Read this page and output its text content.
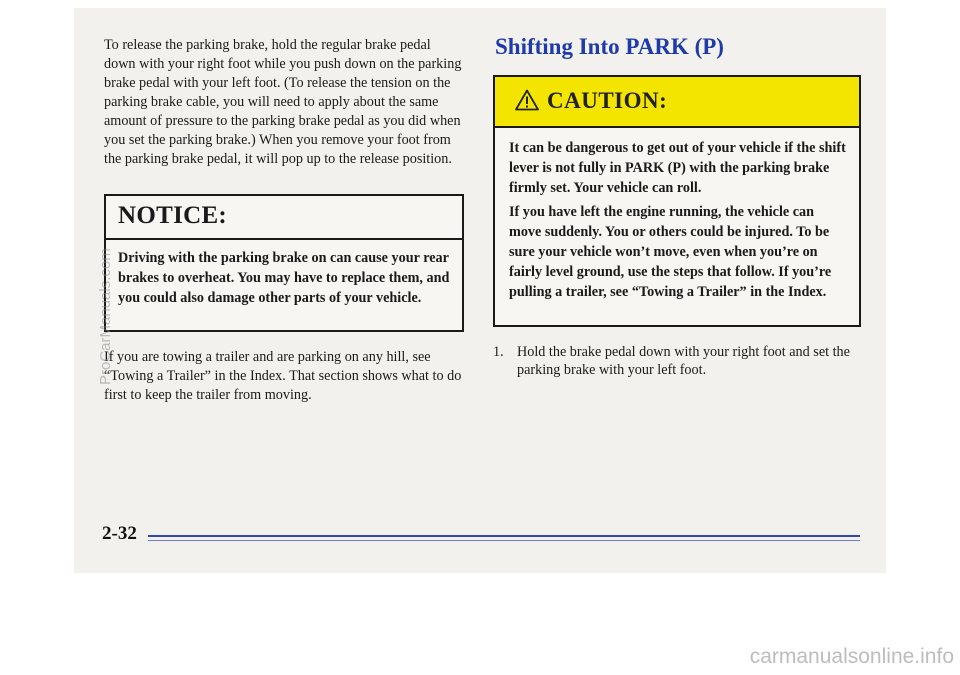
To release the parking brake, hold the regular brake pedal down with your right foot while you push down on the parking brake pedal with your left foot. (To release the tension on the parking brake cable, you will need to apply about the same amount of pressure to the parking brake pedal as you did when you set the parking brake.) When you remove your foot from the parking brake pedal, it will pop up to the release position.

NOTICE:

Driving with the parking brake on can cause your rear brakes to overheat. You may have to replace them, and you could also damage other parts of your vehicle.

If you are towing a trailer and are parking on any hill, see “Towing a Trailer” in the Index. That section shows what to do first to keep the trailer from moving.

Shifting Into PARK (P)
CAUTION:

It can be dangerous to get out of your vehicle if the shift lever is not fully in PARK (P) with the parking brake firmly set. Your vehicle can roll.

If you have left the engine running, the vehicle can move suddenly. You or others could be injured. To be sure your vehicle won’t move, even when you’re on fairly level ground, use the steps that follow. If you’re pulling a trailer, see “Towing a Trailer” in the Index.

1. Hold the brake pedal down with your right foot and set the parking brake with your left foot.
2-32
ProCarManuals.com
carmanualsonline.info
